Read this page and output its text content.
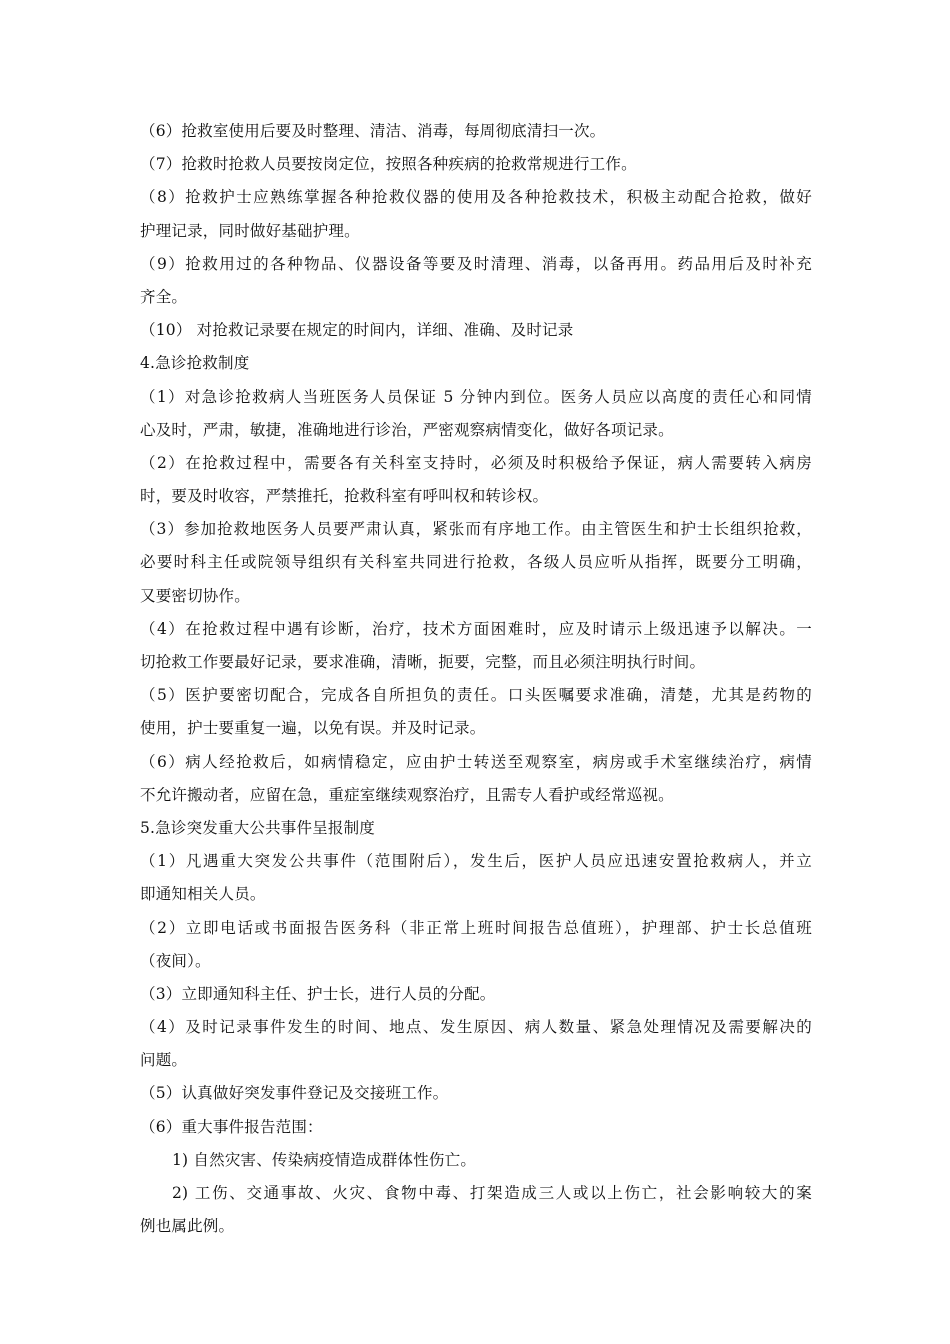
（6）抢救室使用后要及时整理、清洁、消毒，每周彻底清扫一次。
（7）抢救时抢救人员要按岗定位，按照各种疾病的抢救常规进行工作。
（8）抢救护士应熟练掌握各种抢救仪器的使用及各种抢救技术，积极主动配合抢救，做好
护理记录，同时做好基础护理。
（9）抢救用过的各种物品、仪器设备等要及时清理、消毒，以备再用。药品用后及时补充
齐全。
（10） 对抢救记录要在规定的时间内，详细、准确、及时记录
4.急诊抢救制度
（1）对急诊抢救病人当班医务人员保证 5 分钟内到位。医务人员应以高度的责任心和同情
心及时，严肃，敏捷，准确地进行诊治，严密观察病情变化，做好各项记录。
（2）在抢救过程中，需要各有关科室支持时，必须及时积极给予保证，病人需要转入病房
时，要及时收容，严禁推托，抢救科室有呼叫权和转诊权。
（3）参加抢救地医务人员要严肃认真，紧张而有序地工作。由主管医生和护士长组织抢救，
必要时科主任或院领导组织有关科室共同进行抢救，各级人员应听从指挥，既要分工明确，
又要密切协作。
（4）在抢救过程中遇有诊断，治疗，技术方面困难时，应及时请示上级迅速予以解决。一
切抢救工作要最好记录，要求准确，清晰，扼要，完整，而且必须注明执行时间。
（5）医护要密切配合，完成各自所担负的责任。口头医嘱要求准确，清楚，尤其是药物的
使用，护士要重复一遍，以免有误。并及时记录。
（6）病人经抢救后，如病情稳定，应由护士转送至观察室，病房或手术室继续治疗，病情
不允许搬动者，应留在急，重症室继续观察治疗，且需专人看护或经常巡视。
5.急诊突发重大公共事件呈报制度
（1）凡遇重大突发公共事件（范围附后），发生后，医护人员应迅速安置抢救病人，并立
即通知相关人员。
（2）立即电话或书面报告医务科（非正常上班时间报告总值班），护理部、护士长总值班
（夜间）。
（3）立即通知科主任、护士长，进行人员的分配。
（4）及时记录事件发生的时间、地点、发生原因、病人数量、紧急处理情况及需要解决的
问题。
（5）认真做好突发事件登记及交接班工作。
（6）重大事件报告范围：
1) 自然灾害、传染病疫情造成群体性伤亡。
2) 工伤、交通事故、火灾、食物中毒、打架造成三人或以上伤亡，社会影响较大的案
例也属此例。
